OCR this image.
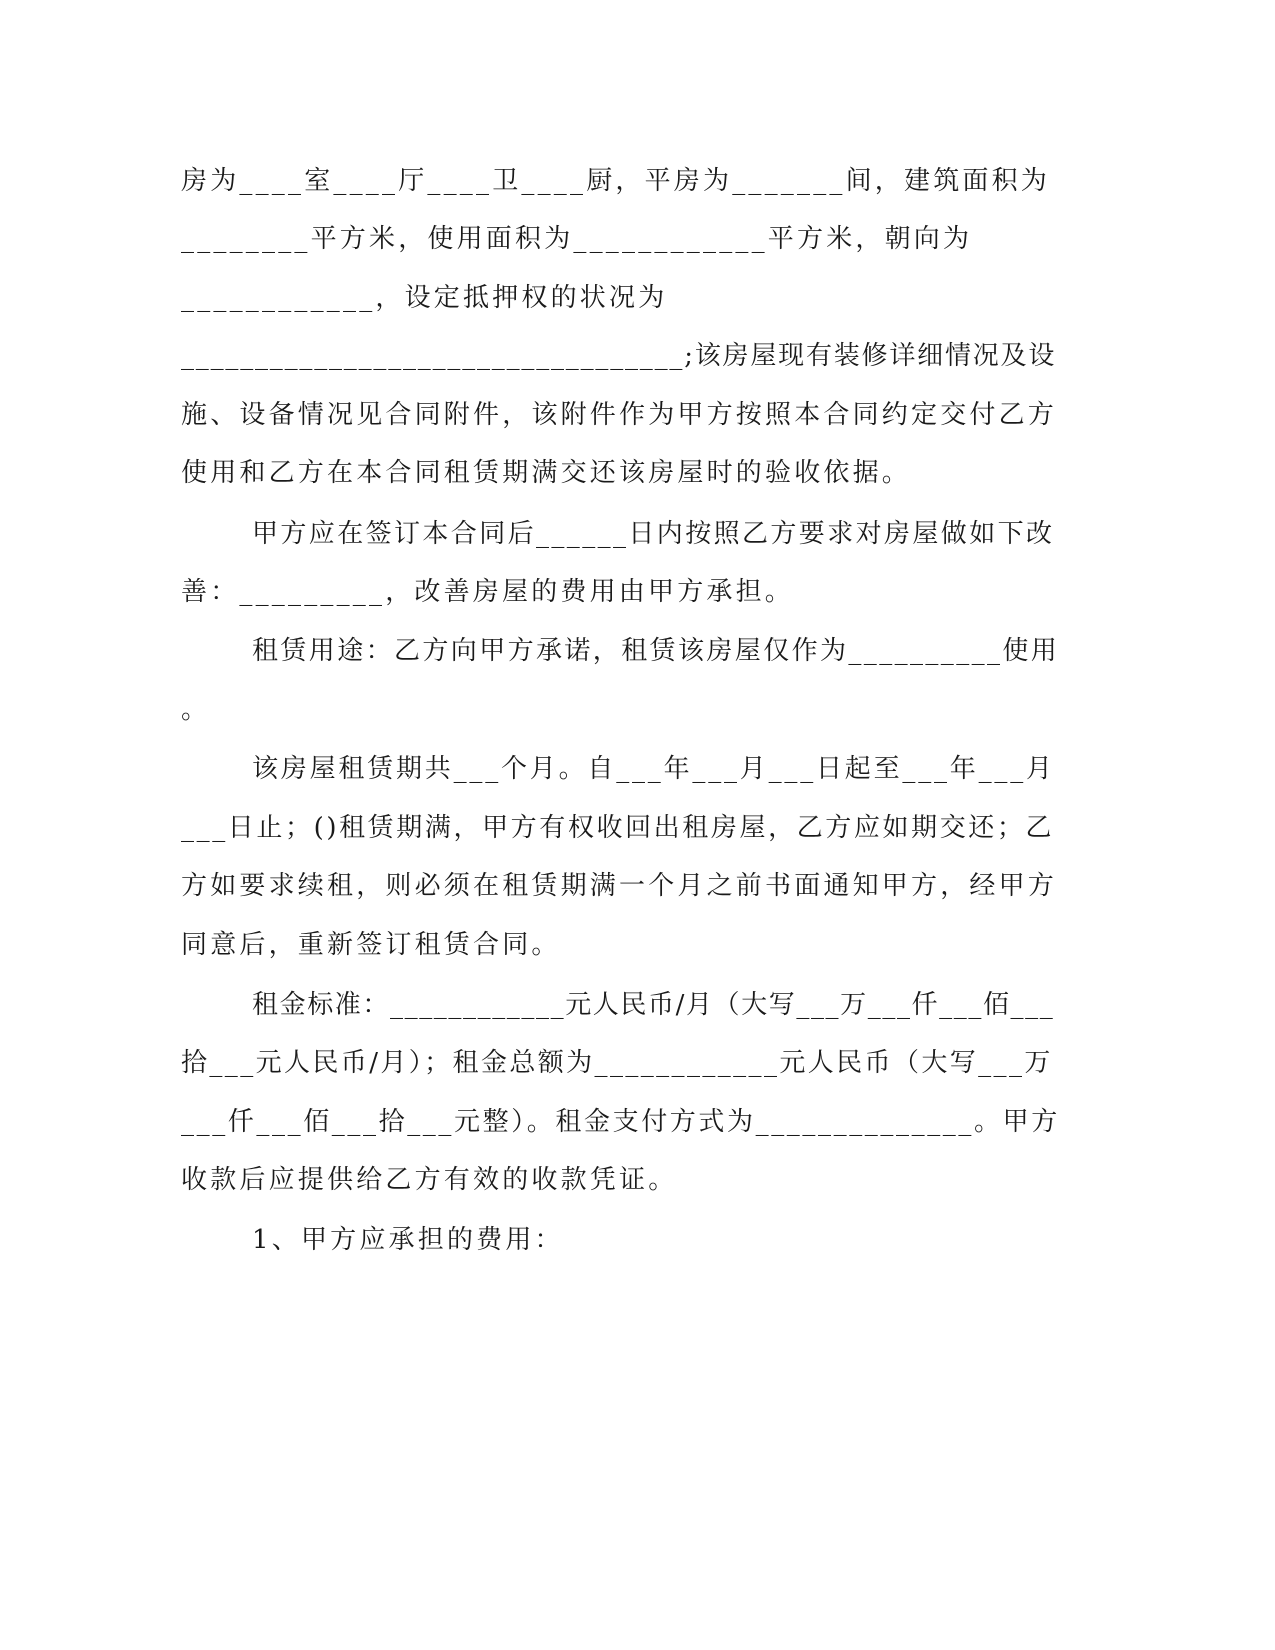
房为____室____厅____卫____厨，平房为_______间，建筑面积为
________平方米，使用面积为____________平方米，朝向为
____________，设定抵押权的状况为
__________________________________;该房屋现有装修详细情况及设
施、设备情况见合同附件，该附件作为甲方按照本合同约定交付乙方
使用和乙方在本合同租赁期满交还该房屋时的验收依据。
甲方应在签订本合同后______日内按照乙方要求对房屋做如下改
善：_________，改善房屋的费用由甲方承担。
租赁用途：乙方向甲方承诺，租赁该房屋仅作为__________使用
。
该房屋租赁期共___个月。自___年___月___日起至___年___月
___日止；()租赁期满，甲方有权收回出租房屋，乙方应如期交还；乙
方如要求续租，则必须在租赁期满一个月之前书面通知甲方，经甲方
同意后，重新签订租赁合同。
租金标准：____________元人民币/月（大写___万___仟___佰___
拾___元人民币/月）；租金总额为____________元人民币（大写___万
___仟___佰___拾___元整）。租金支付方式为______________。甲方
收款后应提供给乙方有效的收款凭证。
1、甲方应承担的费用：
